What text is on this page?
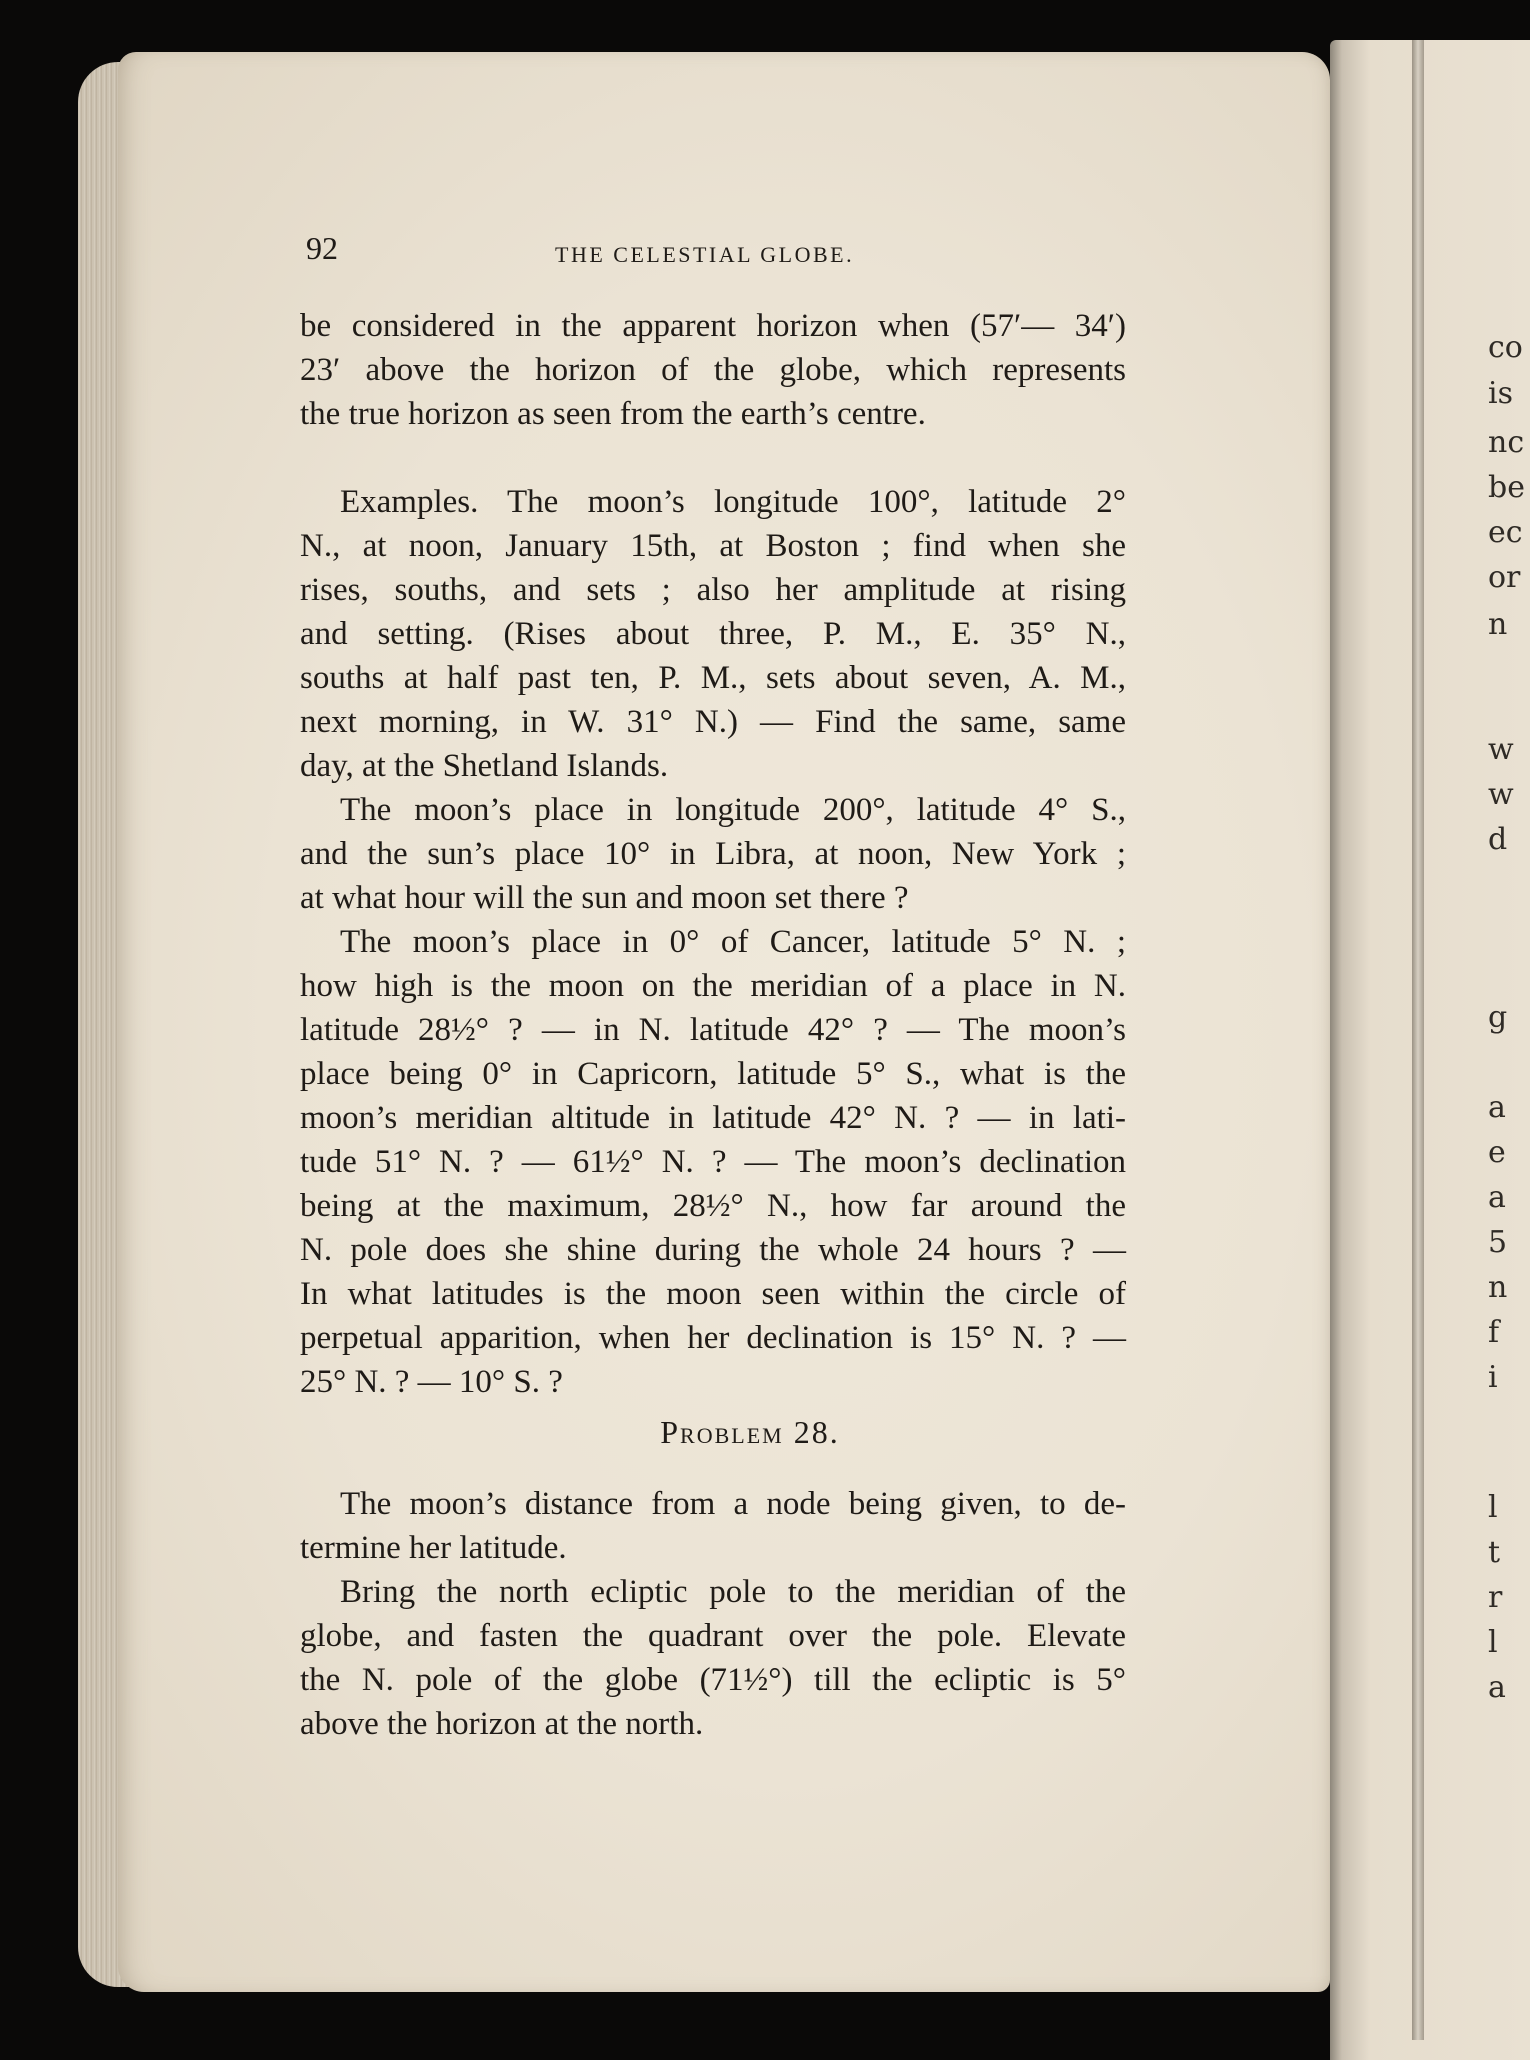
co
is
nc
be
ec
or
n
w
w
d
g
a
e
a
5
n
f
i
l
t
r
l
a
92	THE CELESTIAL GLOBE.
be considered in the apparent horizon when (57′— 34′)
23′ above the horizon of the globe, which represents
the true horizon as seen from the earth’s centre.
Examples. The moon’s longitude 100°, latitude 2°
N., at noon, January 15th, at Boston ; find when she
rises, souths, and sets ; also her amplitude at rising
and setting. (Rises about three, P. M., E. 35° N.,
souths at half past ten, P. M., sets about seven, A. M.,
next morning, in W. 31° N.) — Find the same, same
day, at the Shetland Islands.
The moon’s place in longitude 200°, latitude 4° S.,
and the sun’s place 10° in Libra, at noon, New York ;
at what hour will the sun and moon set there ?
The moon’s place in 0° of Cancer, latitude 5° N. ;
how high is the moon on the meridian of a place in N.
latitude 28½° ? — in N. latitude 42° ? — The moon’s
place being 0° in Capricorn, latitude 5° S., what is the
moon’s meridian altitude in latitude 42° N. ? — in lati-
tude 51° N. ? — 61½° N. ? — The moon’s declination
being at the maximum, 28½° N., how far around the
N. pole does she shine during the whole 24 hours ? —
In what latitudes is the moon seen within the circle of
perpetual apparition, when her declination is 15° N. ? —
25° N. ? — 10° S. ?
Problem 28.
The moon’s distance from a node being given, to de-
termine her latitude.
Bring the north ecliptic pole to the meridian of the
globe, and fasten the quadrant over the pole. Elevate
the N. pole of the globe (71½°) till the ecliptic is 5°
above the horizon at the north.
